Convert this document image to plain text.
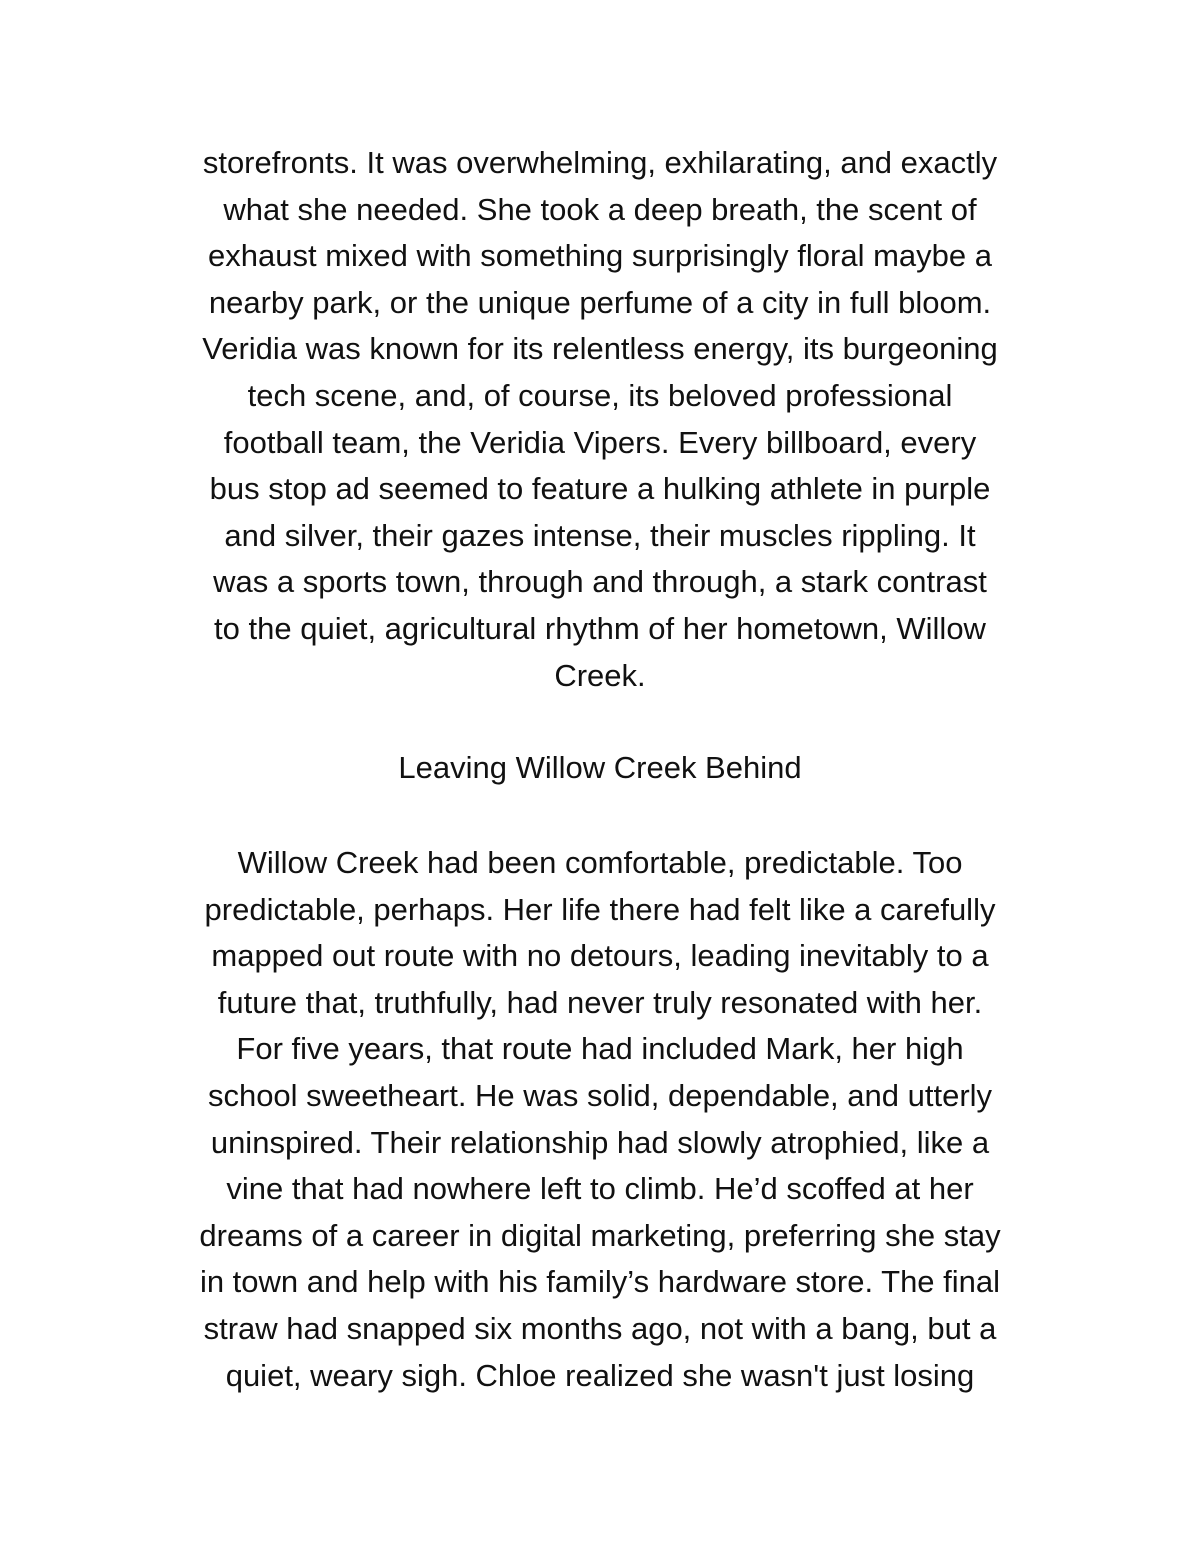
storefronts. It was overwhelming, exhilarating, and exactly
what she needed. She took a deep breath, the scent of
exhaust mixed with something surprisingly floral maybe a
nearby park, or the unique perfume of a city in full bloom.
Veridia was known for its relentless energy, its burgeoning
tech scene, and, of course, its beloved professional
football team, the Veridia Vipers. Every billboard, every
bus stop ad seemed to feature a hulking athlete in purple
and silver, their gazes intense, their muscles rippling. It
was a sports town, through and through, a stark contrast
to the quiet, agricultural rhythm of her hometown, Willow
Creek.
Leaving Willow Creek Behind
Willow Creek had been comfortable, predictable. Too
predictable, perhaps. Her life there had felt like a carefully
mapped out route with no detours, leading inevitably to a
future that, truthfully, had never truly resonated with her.
For five years, that route had included Mark, her high
school sweetheart. He was solid, dependable, and utterly
uninspired. Their relationship had slowly atrophied, like a
vine that had nowhere left to climb. He’d scoffed at her
dreams of a career in digital marketing, preferring she stay
in town and help with his family’s hardware store. The final
straw had snapped six months ago, not with a bang, but a
quiet, weary sigh. Chloe realized she wasn't just losing
